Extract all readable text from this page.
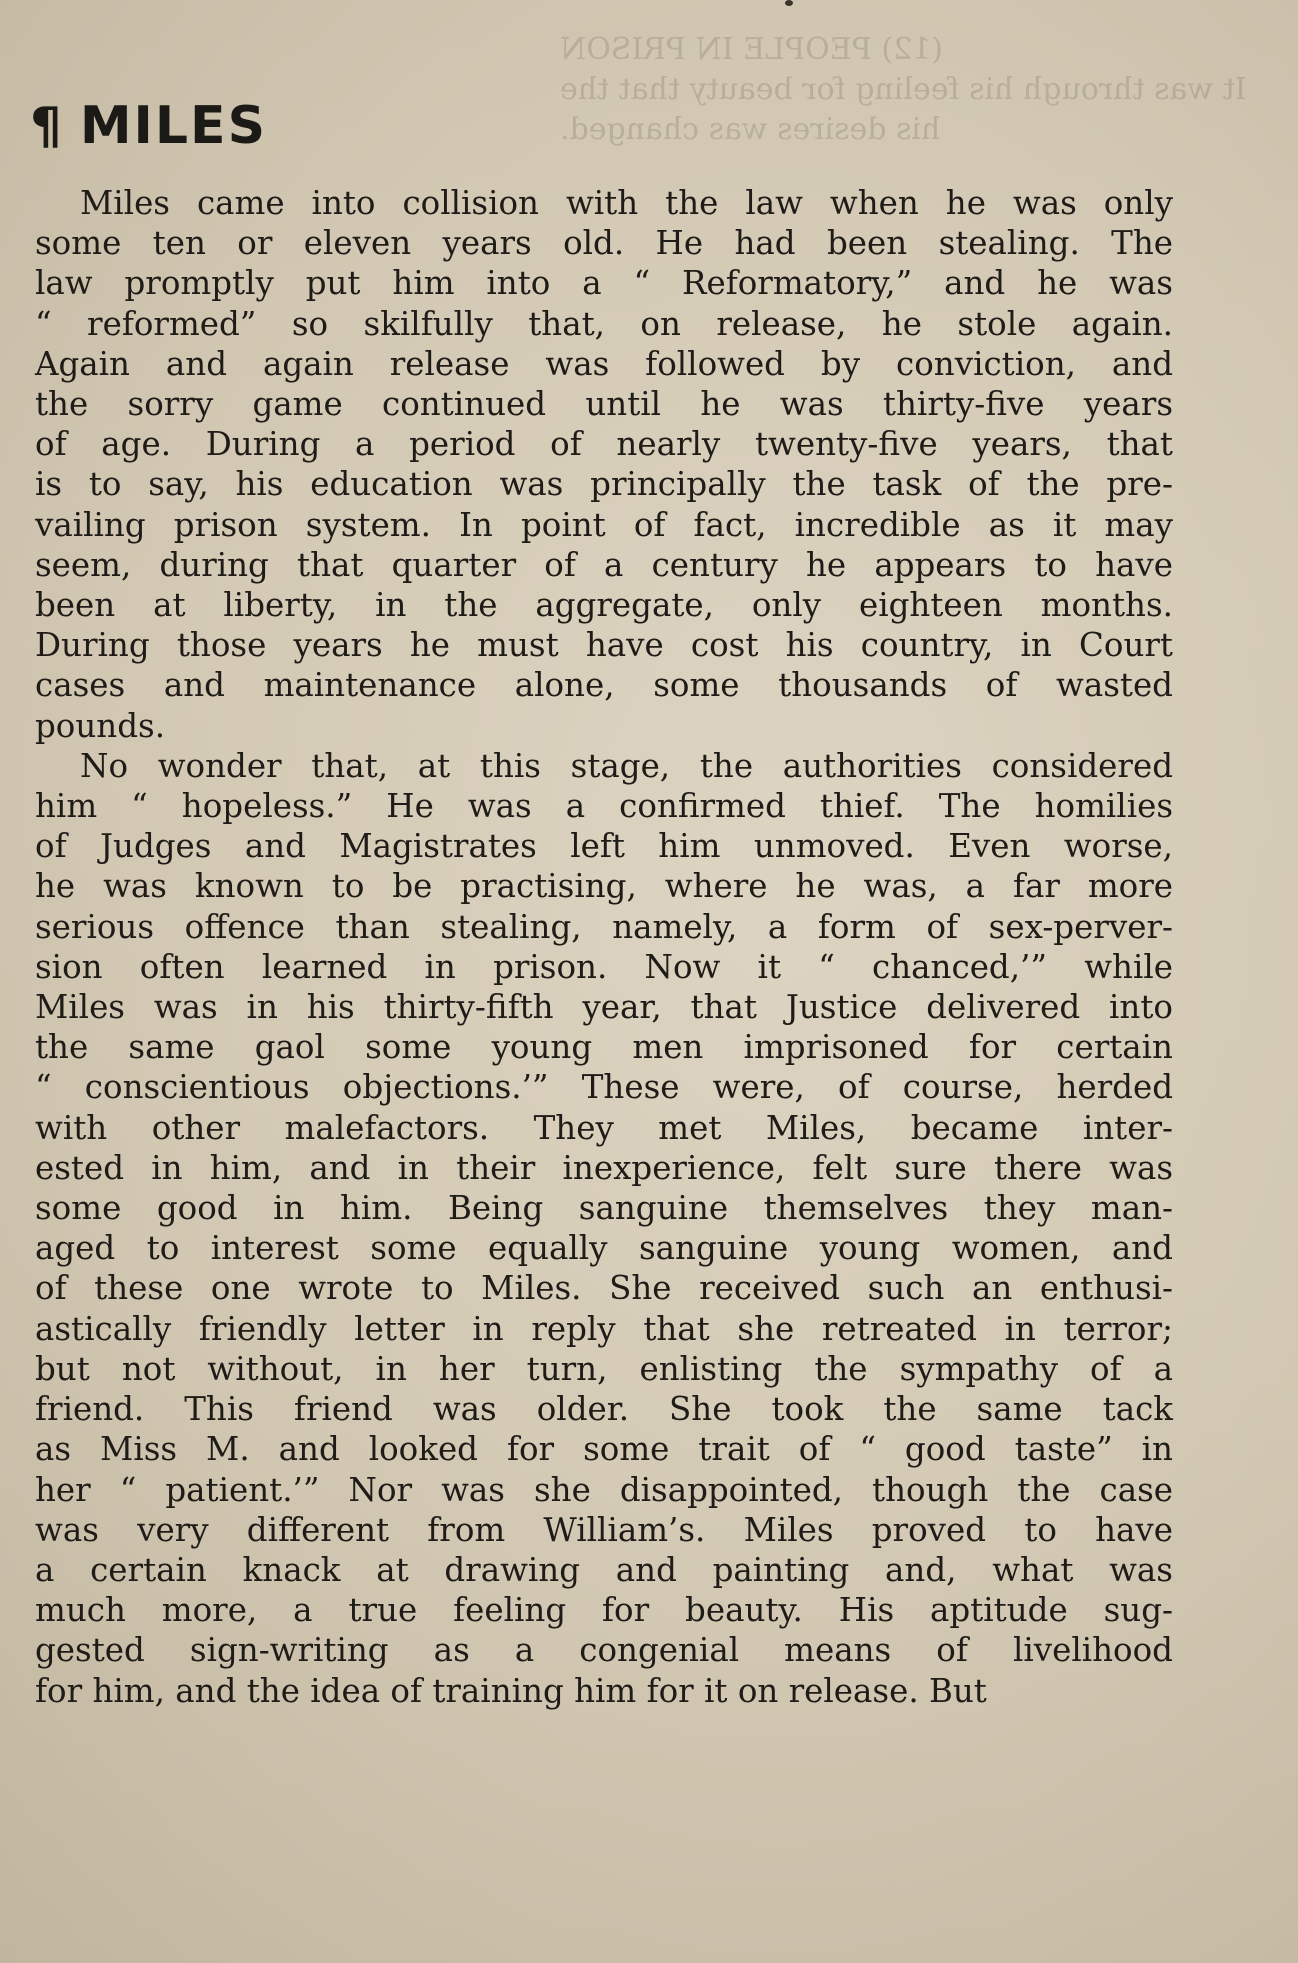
(12) PEOPLE IN PRISON
It was through his feeling for beauty that the
his desires was changed.
¶ MILES
Miles came into collision with the law when he was only
some ten or eleven years old. He had been stealing. The
law promptly put him into a “ Reformatory,” and he was
“ reformed” so skilfully that, on release, he stole again.
Again and again release was followed by conviction, and
the sorry game continued until he was thirty-five years
of age. During a period of nearly twenty-five years, that
is to say, his education was principally the task of the pre-
vailing prison system. In point of fact, incredible as it may
seem, during that quarter of a century he appears to have
been at liberty, in the aggregate, only eighteen months.
During those years he must have cost his country, in Court
cases and maintenance alone, some thousands of wasted
pounds.
No wonder that, at this stage, the authorities considered
him “ hopeless.” He was a confirmed thief. The homilies
of Judges and Magistrates left him unmoved. Even worse,
he was known to be practising, where he was, a far more
serious offence than stealing, namely, a form of sex-perver-
sion often learned in prison. Now it “ chanced,’” while
Miles was in his thirty-fifth year, that Justice delivered into
the same gaol some young men imprisoned for certain
“ conscientious objections.’” These were, of course, herded
with other malefactors. They met Miles, became inter-
ested in him, and in their inexperience, felt sure there was
some good in him. Being sanguine themselves they man-
aged to interest some equally sanguine young women, and
of these one wrote to Miles. She received such an enthusi-
astically friendly letter in reply that she retreated in terror;
but not without, in her turn, enlisting the sympathy of a
friend. This friend was older. She took the same tack
as Miss M. and looked for some trait of “ good taste” in
her “ patient.’” Nor was she disappointed, though the case
was very different from William’s. Miles proved to have
a certain knack at drawing and painting and, what was
much more, a true feeling for beauty. His aptitude sug-
gested sign-writing as a congenial means of livelihood
for him, and the idea of training him for it on release. But
